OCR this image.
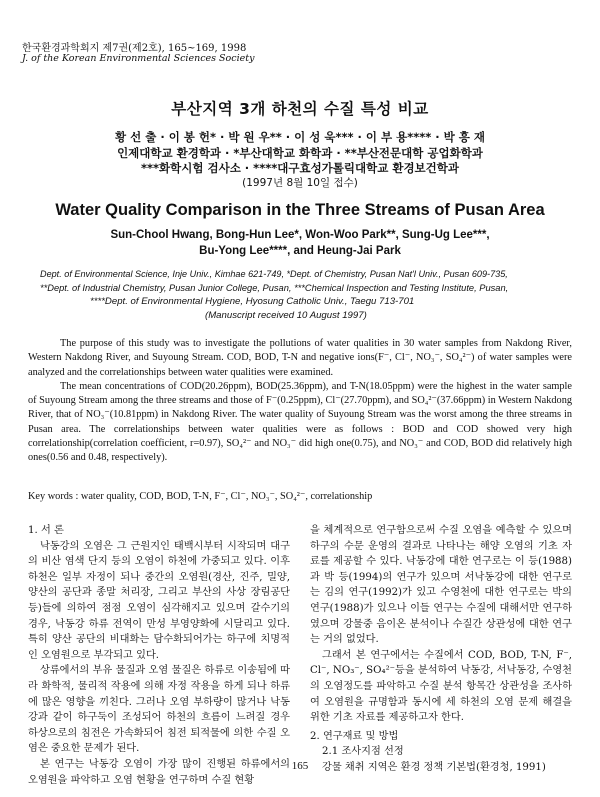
한국환경과학회지 제7권(제2호), 165~169, 1998
J. of the Korean Environmental Sciences Society
부산지역 3개 하천의 수질 특성 비교
황 선 출 · 이 봉 헌* · 박 원 우** · 이 성 욱*** · 이 부 용**** · 박 흥 재
인제대학교 환경학과 · *부산대학교 화학과 · **부산전문대학 공업화학과
***화학시험 검사소 · ****대구효성가톨릭대학교 환경보건학과
(1997년 8월 10일 접수)
Water Quality Comparison in the Three Streams of Pusan Area
Sun-Chool Hwang, Bong-Hun Lee*, Won-Woo Park**, Sung-Ug Lee***,
Bu-Yong Lee****, and Heung-Jai Park
Dept. of Environmental Science, Inje Univ., Kimhae 621-749, *Dept. of Chemistry, Pusan Nat'l Univ., Pusan 609-735,
**Dept. of Industrial Chemistry, Pusan Junior College, Pusan, ***Chemical Inspection and Testing Institute, Pusan,
****Dept. of Environmental Hygiene, Hyosung Catholic Univ., Taegu 713-701
(Manuscript received 10 August 1997)

The purpose of this study was to investigate the pollutions of water qualities in 30 water samples from Nakdong River, Western Nakdong River, and Suyoung Stream. COD, BOD, T-N and negative ions(F⁻, Cl⁻, NO₃⁻, SO₄²⁻) of water samples were analyzed and the correlationships between water qualities were examined.

The mean concentrations of COD(20.26ppm), BOD(25.36ppm), and T-N(18.05ppm) were the highest in the water sample of Suyoung Stream among the three streams and those of F⁻(0.25ppm), Cl⁻(27.70ppm), and SO₄²⁻(37.66ppm) in Western Nakdong River, that of NO₃⁻(10.81ppm) in Nakdong River. The water quality of Suyoung Stream was the worst among the three streams in Pusan area. The correlationships between water qualities were as follows : BOD and COD showed very high correlationship(correlation coefficient, r=0.97), SO₄²⁻ and NO₃⁻ did high one(0.75), and NO₃⁻ and COD, BOD did relatively high ones(0.56 and 0.48, respectively).

Key words : water quality, COD, BOD, T-N, F⁻, Cl⁻, NO₃⁻, SO₄²⁻, correlationship

1. 서 론

낙동강의 오염은 그 근원지인 태백시부터 시작되며 대구의 비산 염색 단지 등의 오염이 하천에 가중되고 있다. 이후 하천은 일부 자정이 되나 중간의 오염원(경산, 진주, 밀양, 양산의 공단과 종말 처리장, 그리고 부산의 사상 장림공단 등)들에 의하여 점점 오염이 심각해지고 있으며 갈수기의 경우, 낙동강 하류 전역이 만성 부영양화에 시달리고 있다. 특히 양산 공단의 비대화는 담수화되어가는 하구에 치명적인 오염원으로 부각되고 있다.

상류에서의 부유 물질과 오염 물질은 하류로 이송됨에 따라 화학적, 물리적 작용에 의해 자정 작용을 하게 되나 하류에 많은 영향을 끼친다. 그러나 오염 부하량이 많거나 낙동강과 같이 하구둑이 조성되어 하천의 흐름이 느려질 경우 하상으로의 침전은 가속화되어 침전 퇴적물에 의한 수질 오염은 중요한 문제가 된다.

본 연구는 낙동강 오염이 가장 많이 진행된 하류에서의 오염원을 파악하고 오염 현황을 연구하며 수질 현황

을 체계적으로 연구함으로써 수질 오염을 예측할 수 있으며 하구의 수문 운영의 결과로 나타나는 해양 오염의 기초 자료를 제공할 수 있다. 낙동강에 대한 연구로는 이 등(1988)과 박 등(1994)의 연구가 있으며 서낙동강에 대한 연구로는 김의 연구(1992)가 있고 수영천에 대한 연구로는 박의 연구(1988)가 있으나 이들 연구는 수질에 대해서만 연구하였으며 강물중 음이온 분석이나 수질간 상관성에 대한 연구는 거의 없었다.

그래서 본 연구에서는 수질에서 COD, BOD, T-N, F⁻, Cl⁻, NO₃⁻, SO₄²⁻등을 분석하여 낙동강, 서낙동강, 수영천의 오염정도를 파악하고 수질 분석 항목간 상관성을 조사하여 오염원을 규명함과 동시에 세 하천의 오염 문제 해결을 위한 기초 자료를 제공하고자 한다.

2. 연구재료 및 방법

2.1 조사지점 선정

강물 채취 지역은 환경 정책 기본법(환경청, 1991)

165
